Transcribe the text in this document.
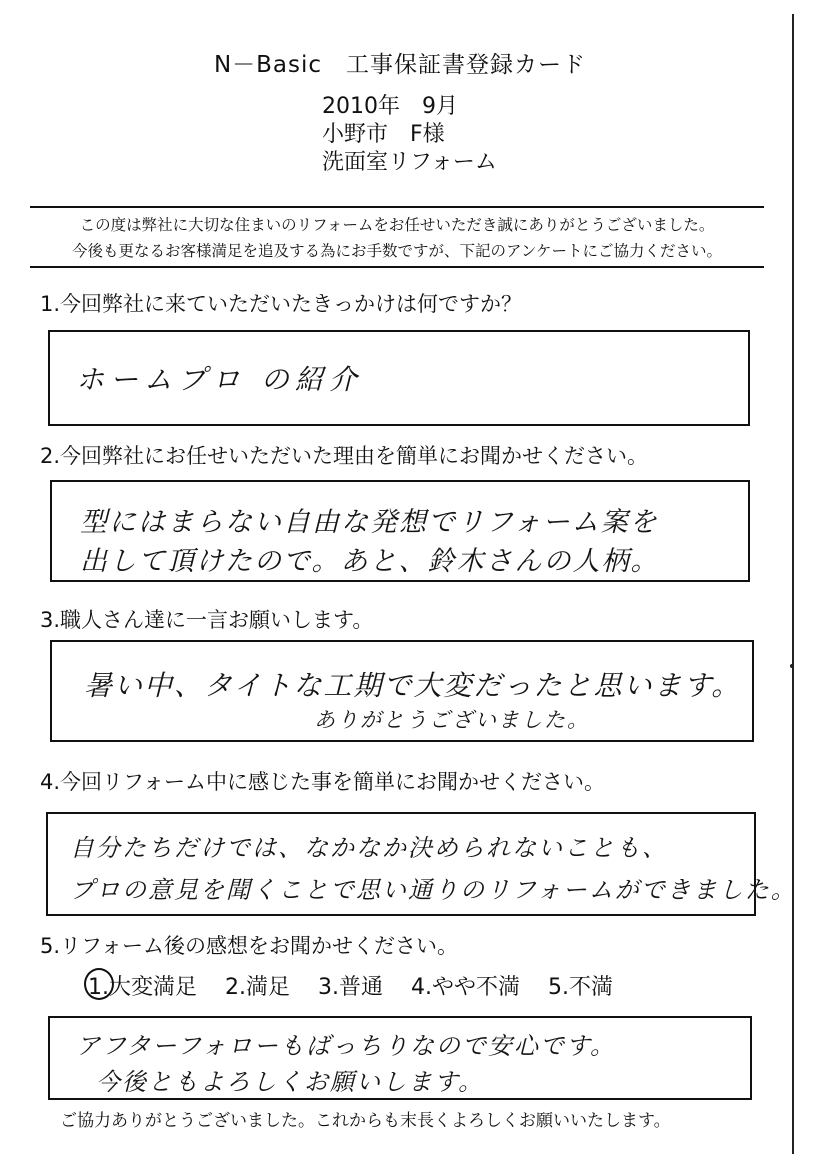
N－Basic　工事保証書登録カード
2010年　9月
小野市　F様
洗面室リフォーム
この度は弊社に大切な住まいのリフォームをお任せいただき誠にありがとうございました。
今後も更なるお客様満足を追及する為にお手数ですが、下記のアンケートにご協力ください。
1.今回弊社に来ていただいたきっかけは何ですか？
ホームプロ の紹介
2.今回弊社にお任せいただいた理由を簡単にお聞かせください。
型にはまらない自由な発想でリフォーム案を
出して頂けたので。あと、鈴木さんの人柄。
3.職人さん達に一言お願いします。
暑い中、タイトな工期で大変だったと思います。
ありがとうございました。
4.今回リフォーム中に感じた事を簡単にお聞かせください。
自分たちだけでは、なかなか決められないことも、
プロの意見を聞くことで思い通りのリフォームができました。
5.リフォーム後の感想をお聞かせください。
1.大変満足 2.満足 3.普通 4.やや不満 5.不満
アフターフォローもばっちりなので安心です。
今後ともよろしくお願いします。
ご協力ありがとうございました。これからも末長くよろしくお願いいたします。
